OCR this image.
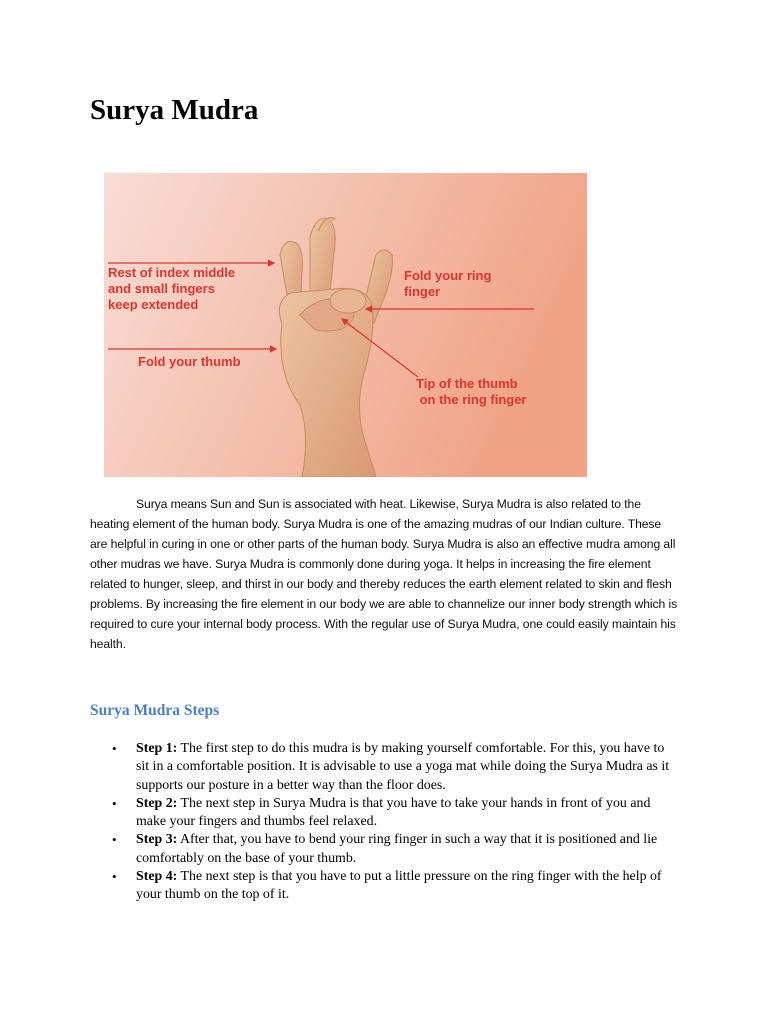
Surya Mudra
Rest of index middle
and small fingers
keep extended
Fold your thumb
Fold your ring
finger
Tip of the thumb
on the ring finger

Surya means Sun and Sun is associated with heat. Likewise, Surya Mudra is also related to the heating element of the human body. Surya Mudra is one of the amazing mudras of our Indian culture. These are helpful in curing in one or other parts of the human body. Surya Mudra is also an effective mudra among all other mudras we have. Surya Mudra is commonly done during yoga. It helps in increasing the fire element related to hunger, sleep, and thirst in our body and thereby reduces the earth element related to skin and flesh problems. By increasing the fire element in our body we are able to channelize our inner body strength which is required to cure your internal body process. With the regular use of Surya Mudra, one could easily maintain his health.

Surya Mudra Steps
• Step 1: The first step to do this mudra is by making yourself comfortable. For this, you have to sit in a comfortable position. It is advisable to use a yoga mat while doing the Surya Mudra as it supports our posture in a better way than the floor does.
• Step 2: The next step in Surya Mudra is that you have to take your hands in front of you and make your fingers and thumbs feel relaxed.
• Step 3: After that, you have to bend your ring finger in such a way that it is positioned and lie comfortably on the base of your thumb.
• Step 4: The next step is that you have to put a little pressure on the ring finger with the help of your thumb on the top of it.
